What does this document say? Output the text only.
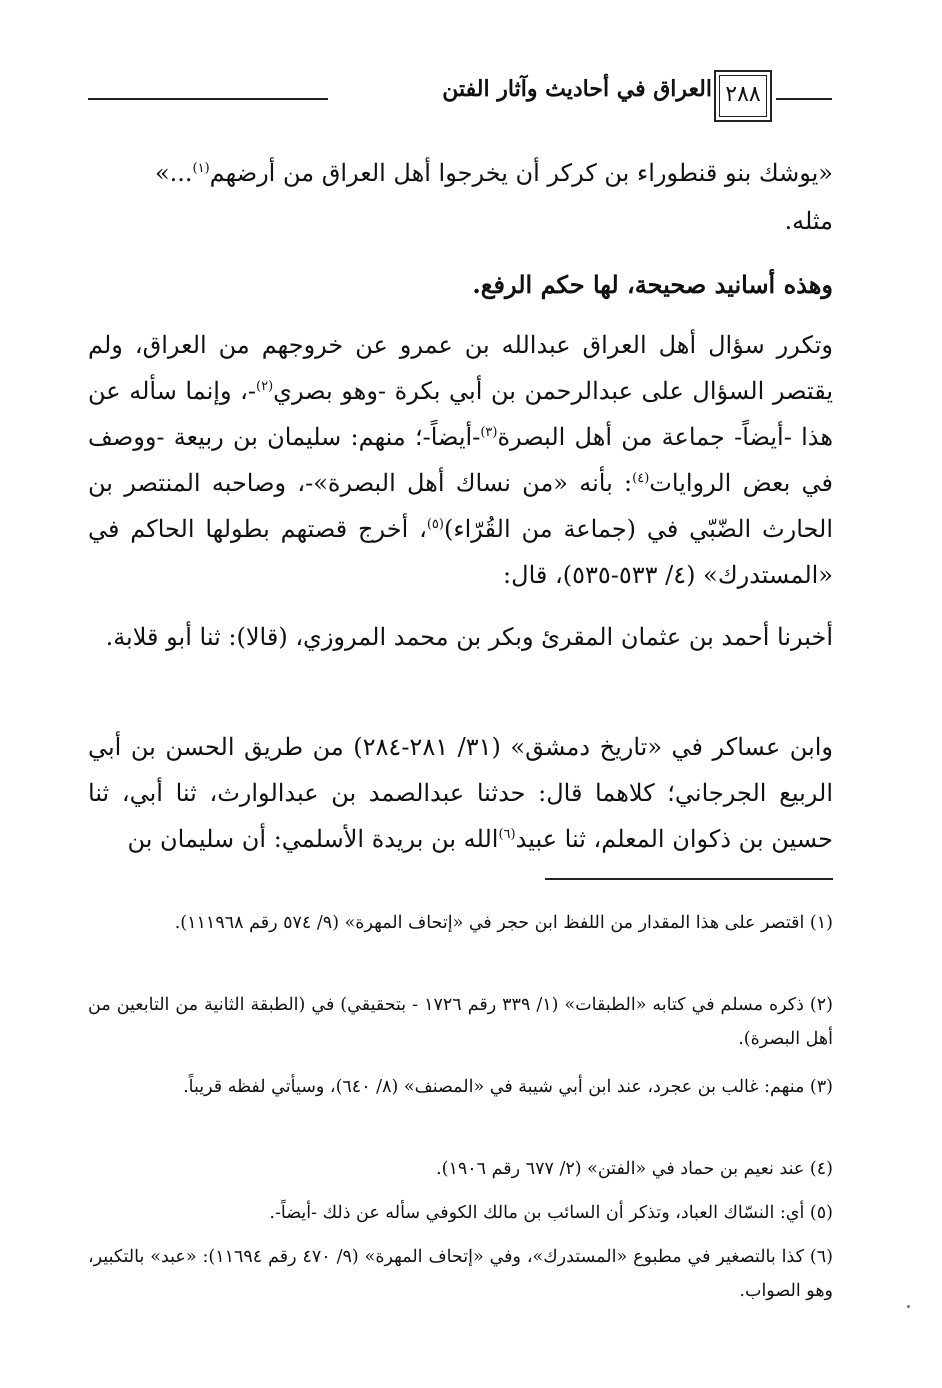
العراق في أحاديث وآثار الفتن ٢٨٨

«يوشك بنو قنطوراء بن كركر أن يخرجوا أهل العراق من أرضهم$^{(١)}$...»

مثله.

وهذه أسانيد صحيحة، لها حكم الرفع.

وتكرر سؤال أهل العراق عبدالله بن عمرو عن خروجهم من العراق، ولم يقتصر السؤال على عبدالرحمن بن أبي بكرة -وهو بصري$^{(٢)}$-، وإنما سأله عن هذا -أيضاً- جماعة من أهل البصرة$^{(٣)}$-أيضاً-؛ منهم: سليمان بن ربيعة -ووصف في بعض الروايات$^{(٤)}$: بأنه «من نساك أهل البصرة»-، وصاحبه المنتصر بن الحارث الضّبّي في (جماعة من القُرّاء)$^{(٥)}$، أخرج قصتهم بطولها الحاكم في «المستدرك» (٤/ ٥٣٣-٥٣٥)، قال:

أخبرنا أحمد بن عثمان المقرئ وبكر بن محمد المروزي، (قالا): ثنا أبو قلابة.

وابن عساكر في «تاريخ دمشق» (٣١/ ٢٨١-٢٨٤) من طريق الحسن بن أبي الربيع الجرجاني؛ كلاهما قال: حدثنا عبدالصمد بن عبدالوارث، ثنا أبي، ثنا حسين بن ذكوان المعلم، ثنا عبيد$^{(٦)}$الله بن بريدة الأسلمي: أن سليمان بن

(١) اقتصر على هذا المقدار من اللفظ ابن حجر في «إتحاف المهرة» (٩/ ٥٧٤ رقم ١١١٩٦٨).

(٢) ذكره مسلم في كتابه «الطبقات» (١/ ٣٣٩ رقم ١٧٢٦ - بتحقيقي) في (الطبقة الثانية من التابعين من أهل البصرة).

(٣) منهم: غالب بن عجرد، عند ابن أبي شيبة في «المصنف» (٨/ ٦٤٠)، وسيأتي لفظه قريباً.

(٤) عند نعيم بن حماد في «الفتن» (٢/ ٦٧٧ رقم ١٩٠٦).

(٥) أي: النسّاك العباد، وتذكر أن السائب بن مالك الكوفي سأله عن ذلك -أيضاً-.

(٦) كذا بالتصغير في مطبوع «المستدرك»، وفي «إتحاف المهرة» (٩/ ٤٧٠ رقم ١١٦٩٤): «عبد» بالتكبير، وهو الصواب.
